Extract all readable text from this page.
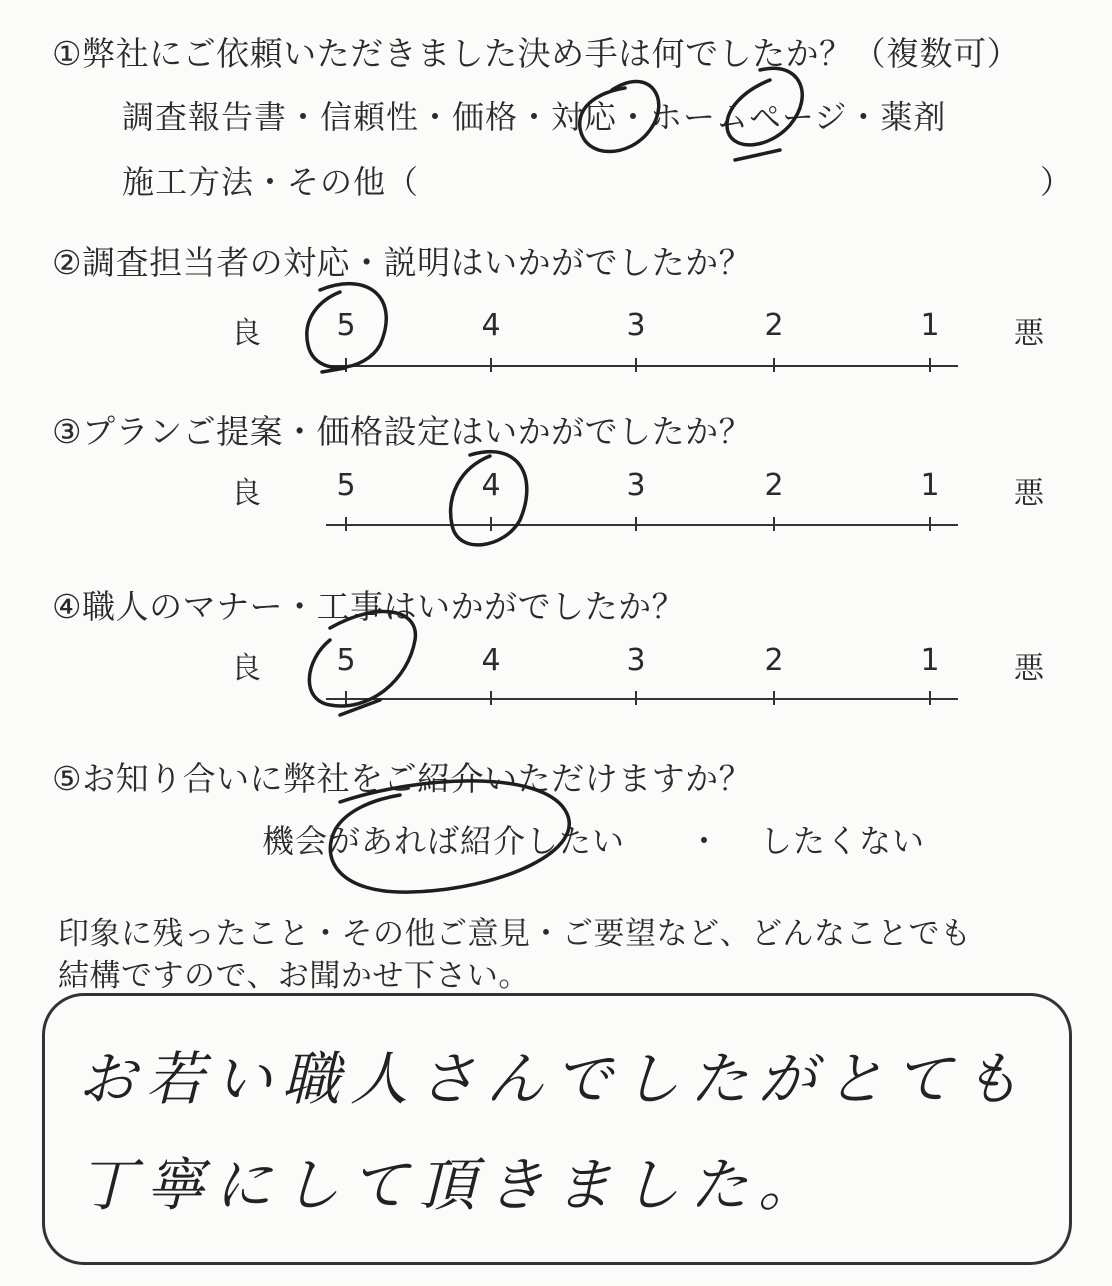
①弊社にご依頼いただきました決め手は何でしたか？（複数可）
調査報告書・信頼性・価格・対応・ホームページ・薬剤
施工方法・その他（	）
②調査担当者の対応・説明はいかがでしたか？
良	5	4	3	2	1	悪
③プランご提案・価格設定はいかがでしたか？
良	5	4	3	2	1	悪
④職人のマナー・工事はいかがでしたか？
良	5	4	3	2	1	悪
⑤お知り合いに弊社をご紹介いただけますか？
機会があれば紹介したい ・ したくない
印象に残ったこと・その他ご意見・ご要望など、どんなことでも
結構ですので、お聞かせ下さい。
お若い職人さんでしたがとても
丁寧にして頂きました。
